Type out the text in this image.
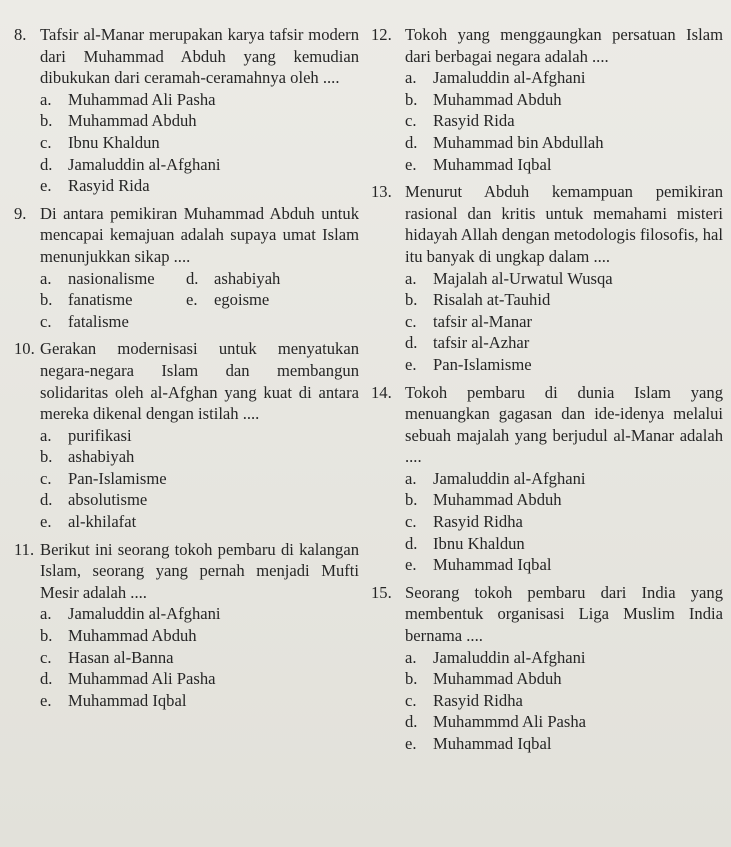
8. Tafsir al-Manar merupakan karya tafsir modern dari Muhammad Abduh yang kemudian dibukukan dari ceramah-ceramahnya oleh ....
a. Muhammad Ali Pasha
b. Muhammad Abduh
c. Ibnu Khaldun
d. Jamaluddin al-Afghani
e. Rasyid Rida
9. Di antara pemikiran Muhammad Abduh untuk mencapai kemajuan adalah supaya umat Islam menunjukkan sikap ....
a. nasionalisme d. ashabiyah
b. fanatisme	e. egoisme
c. fatalisme
10. Gerakan modernisasi untuk menyatukan negara-negara Islam dan membangun solidaritas oleh al-Afghan yang kuat di antara mereka dikenal dengan istilah ....
a. purifikasi
b. ashabiyah
c. Pan-Islamisme
d. absolutisme
e. al-khilafat
11. Berikut ini seorang tokoh pembaru di kalangan Islam, seorang yang pernah menjadi Mufti Mesir adalah ....
a. Jamaluddin al-Afghani
b. Muhammad Abduh
c. Hasan al-Banna
d. Muhammad Ali Pasha
e. Muhammad Iqbal
12. Tokoh yang menggaungkan persatuan Islam dari berbagai negara adalah ....
a. Jamaluddin al-Afghani
b. Muhammad Abduh
c. Rasyid Rida
d. Muhammad bin Abdullah
e. Muhammad Iqbal
13. Menurut Abduh kemampuan pemikiran rasional dan kritis untuk memahami misteri hidayah Allah dengan metodologis filosofis, hal itu banyak di ungkap dalam ....
a. Majalah al-Urwatul Wusqa
b. Risalah at-Tauhid
c. tafsir al-Manar
d. tafsir al-Azhar
e. Pan-Islamisme
14. Tokoh pembaru di dunia Islam yang menuangkan gagasan dan ide-idenya melalui sebuah majalah yang berjudul al-Manar adalah ....
a. Jamaluddin al-Afghani
b. Muhammad Abduh
c. Rasyid Ridha
d. Ibnu Khaldun
e. Muhammad Iqbal
15. Seorang tokoh pembaru dari India yang membentuk organisasi Liga Muslim India bernama ....
a. Jamaluddin al-Afghani
b. Muhammad Abduh
c. Rasyid Ridha
d. Muhammmd Ali Pasha
e. Muhammad Iqbal
